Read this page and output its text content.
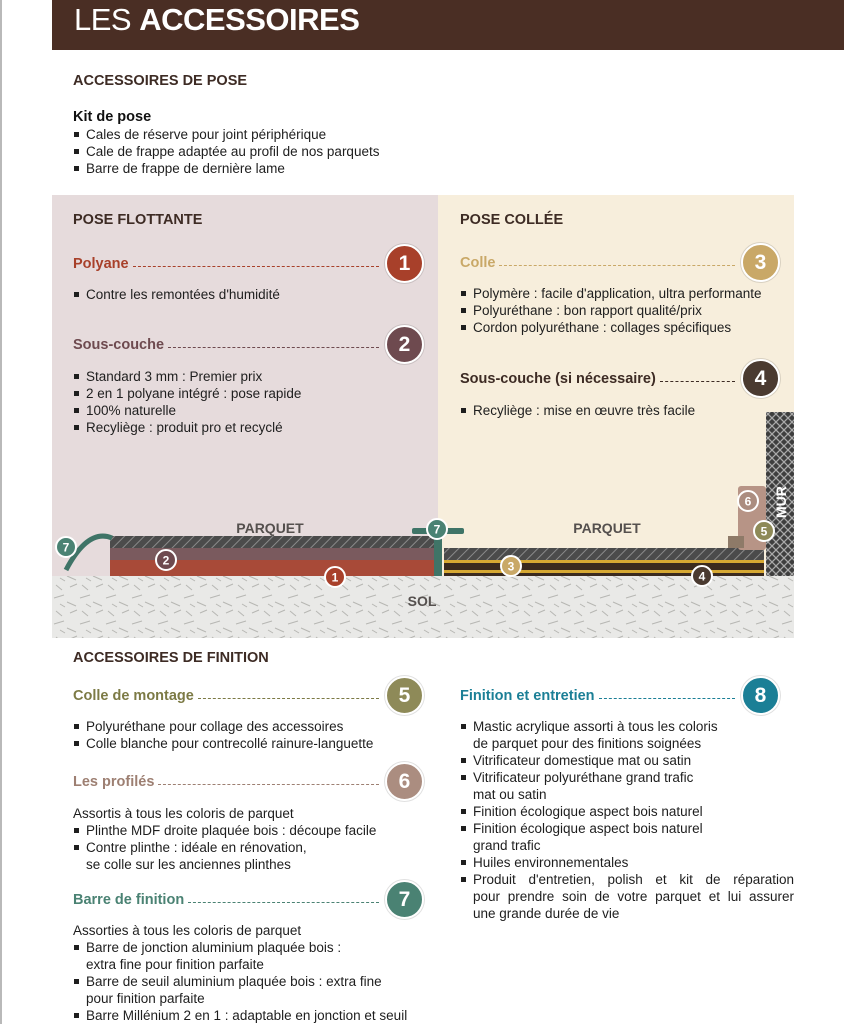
LES ACCESSOIRES
ACCESSOIRES DE POSE
Kit de pose
Cales de réserve pour joint périphérique
Cale de frappe adaptée au profil de nos parquets
Barre de frappe de dernière lame
POSE FLOTTANTE
Polyane	1
Contre les remontées d'humidité
Sous-couche	2
Standard 3 mm : Premier prix
2 en 1 polyane intégré : pose rapide
100% naturelle
Recyliège : produit pro et recyclé
POSE COLLÉE
Colle	3
Polymère : facile d'application, ultra performante
Polyuréthane : bon rapport qualité/prix
Cordon polyuréthane : collages spécifiques
Sous-couche (si nécessaire)	4
Recyliège : mise en œuvre très facile
PARQUET	PARQUET
SOL
MUR
7
2
1
7
3
4
6
5
ACCESSOIRES DE FINITION
Colle de montage	5
Polyuréthane pour collage des accessoires
Colle blanche pour contrecollé rainure-languette
Les profilés	6
Assortis à tous les coloris de parquet
Plinthe MDF droite plaquée bois : découpe facile
Contre plinthe : idéale en rénovation,
se colle sur les anciennes plinthes
Barre de finition	7
Assorties à tous les coloris de parquet
Barre de jonction aluminium plaquée bois :
extra fine pour finition parfaite
Barre de seuil aluminium plaquée bois : extra fine
pour finition parfaite
Barre Millénium 2 en 1 : adaptable en jonction et seuil
Finition et entretien	8
Mastic acrylique assorti à tous les coloris
de parquet pour des finitions soignées
Vitrificateur domestique mat ou satin
Vitrificateur polyuréthane grand trafic
mat ou satin
Finition écologique aspect bois naturel
Finition écologique aspect bois naturel
grand trafic
Huiles environnementales
Produit d'entretien, polish et kit de réparation
pour prendre soin de votre parquet et lui assurer
une grande durée de vie
